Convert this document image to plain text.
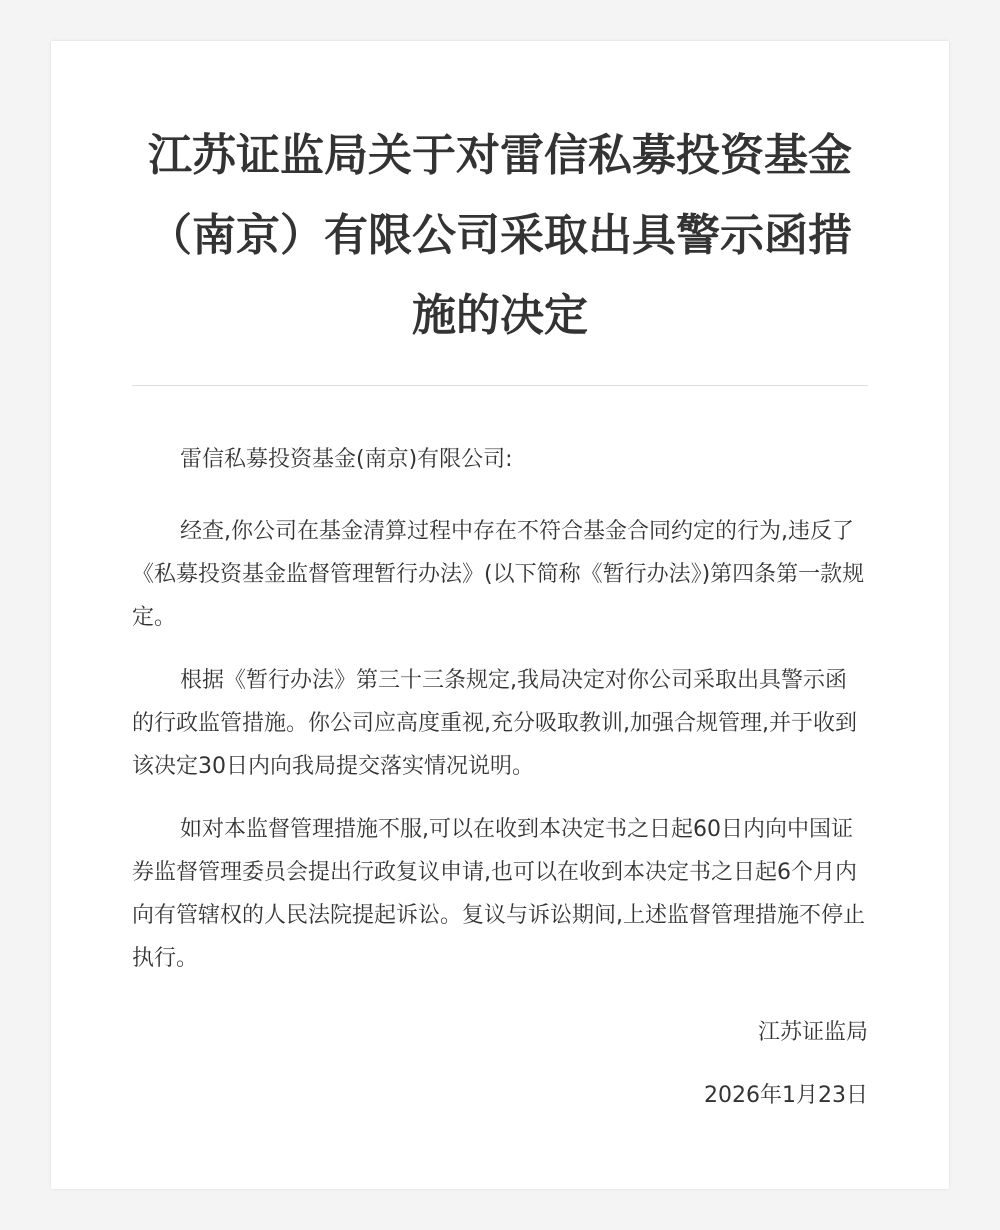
江苏证监局关于对雷信私募投资基金（南京）有限公司采取出具警示函措施的决定

雷信私募投资基金(南京)有限公司:

经查,你公司在基金清算过程中存在不符合基金合同约定的行为,违反了《私募投资基金监督管理暂行办法》(以下简称《暂行办法》)第四条第一款规定。

根据《暂行办法》第三十三条规定,我局决定对你公司采取出具警示函的行政监管措施。你公司应高度重视,充分吸取教训,加强合规管理,并于收到该决定30日内向我局提交落实情况说明。

如对本监督管理措施不服,可以在收到本决定书之日起60日内向中国证券监督管理委员会提出行政复议申请,也可以在收到本决定书之日起6个月内向有管辖权的人民法院提起诉讼。复议与诉讼期间,上述监督管理措施不停止执行。

江苏证监局

2026年1月23日
